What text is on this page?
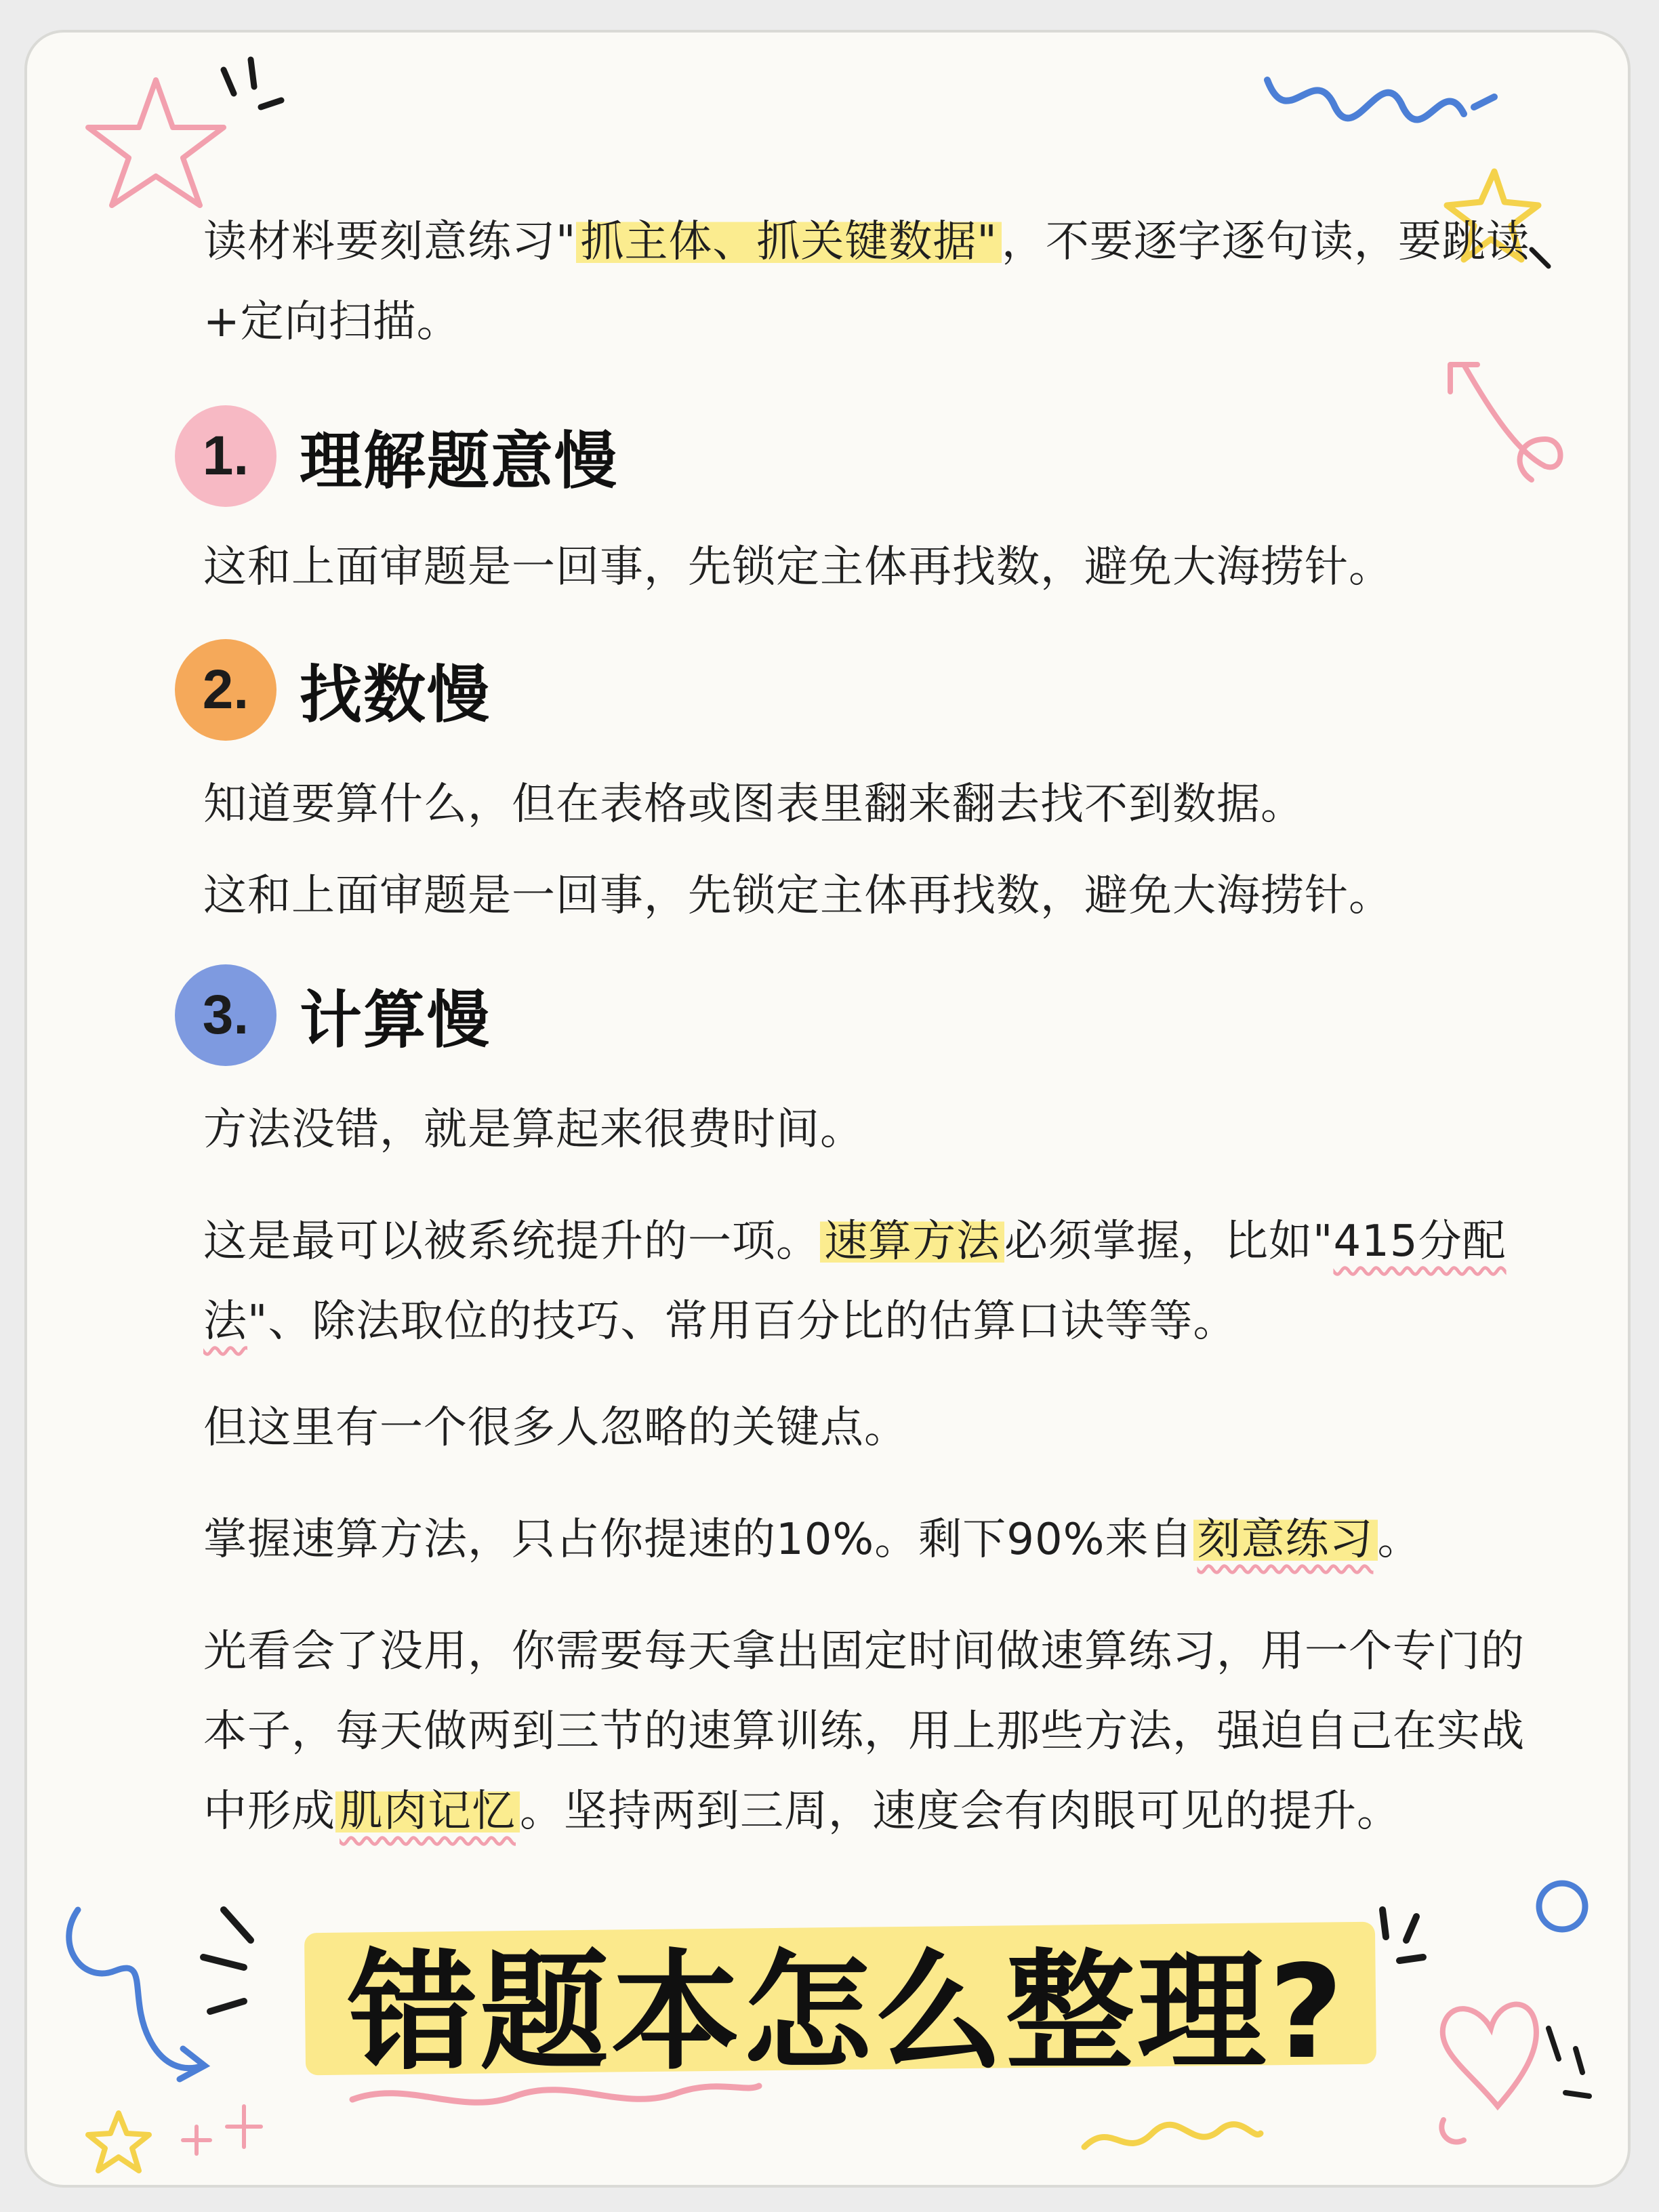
读材料要刻意练习"抓主体、抓关键数据"，不要逐字逐句读，要跳读+定向扫描。

1. 理解题意慢

这和上面审题是一回事，先锁定主体再找数，避免大海捞针。

2. 找数慢

知道要算什么，但在表格或图表里翻来翻去找不到数据。

这和上面审题是一回事，先锁定主体再找数，避免大海捞针。

3. 计算慢

方法没错，就是算起来很费时间。

这是最可以被系统提升的一项。速算方法必须掌握，比如"415分配法"、除法取位的技巧、常用百分比的估算口诀等等。

但这里有一个很多人忽略的关键点。

掌握速算方法，只占你提速的10%。剩下90%来自刻意练习。

光看会了没用，你需要每天拿出固定时间做速算练习，用一个专门的本子，每天做两到三节的速算训练，用上那些方法，强迫自己在实战中形成肌肉记忆。坚持两到三周，速度会有肉眼可见的提升。

错题本怎么整理?
